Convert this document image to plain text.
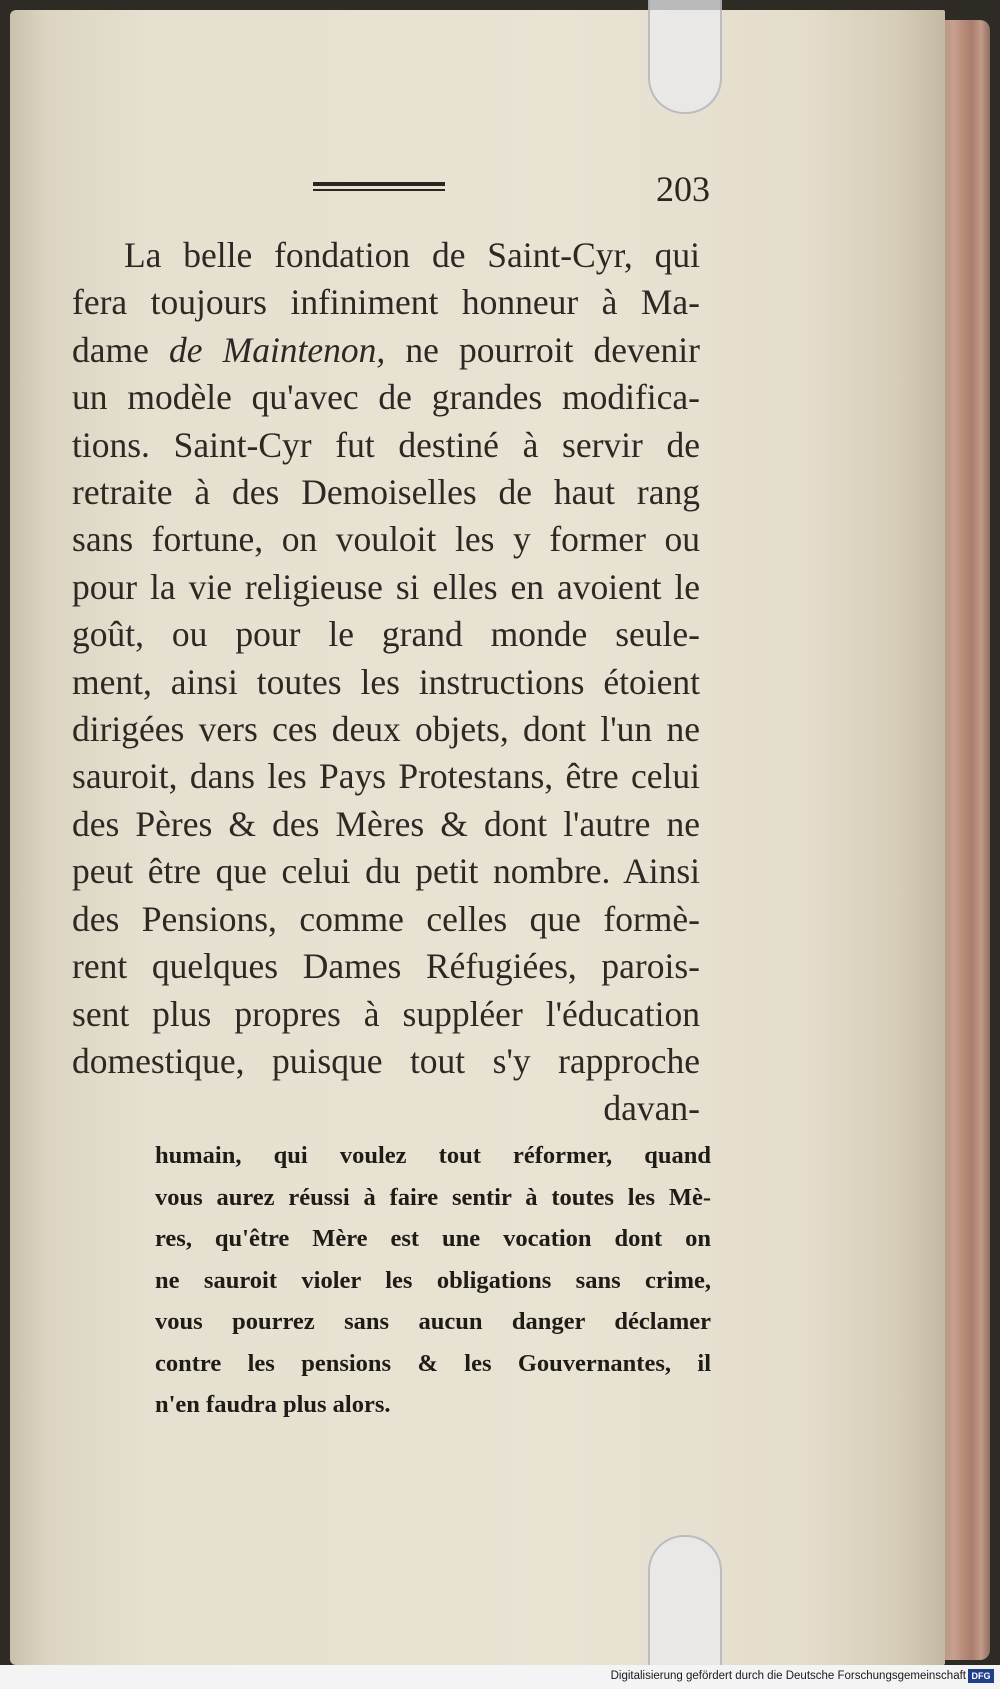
203
La belle fondation de Saint-Cyr, qui
fera toujours infiniment honneur à Ma-
dame de Maintenon, ne pourroit devenir
un modèle qu'avec de grandes modifica-
tions. Saint-Cyr fut destiné à servir de
retraite à des Demoiselles de haut rang
sans fortune, on vouloit les y former ou
pour la vie religieuse si elles en avoient le
goût, ou pour le grand monde seule-
ment, ainsi toutes les instructions étoient
dirigées vers ces deux objets, dont l'un ne
sauroit, dans les Pays Protestans, être celui
des Pères & des Mères & dont l'autre ne
peut être que celui du petit nombre. Ainsi
des Pensions, comme celles que formè-
rent quelques Dames Réfugiées, parois-
sent plus propres à suppléer l'éducation
domestique, puisque tout s'y rapproche
davan-
humain, qui voulez tout réformer, quand
vous aurez réussi à faire sentir à toutes les Mè-
res, qu'être Mère est une vocation dont on
ne sauroit violer les obligations sans crime,
vous pourrez sans aucun danger déclamer
contre les pensions & les Gouvernantes, il
n'en faudra plus alors.
Digitalisierung gefördert durch die Deutsche Forschungsgemeinschaft DFG
